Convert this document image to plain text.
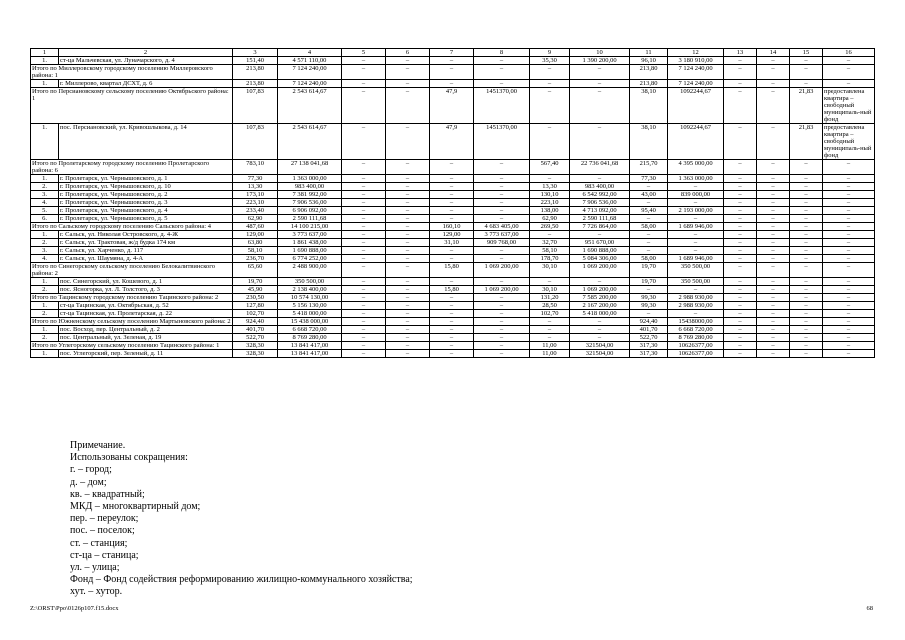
1	2	3	4	5	6	7	8	9	10	11	12	13	14	15	16
1.	ст-ца Мальчевская, ул. Луначарского, д. 4	151,40	4 571 110,00	–	–	–	–	35,30	1 390 200,00	96,10	3 180 910,00	–	–	–	–
Итого по Миллеровскому городскому поселению Миллеровского района: 1		213,80	7 124 240,00	–	–	–	–	–	–	213,80	7 124 240,00	–	–	–	–
1.	г. Миллерово, квартал ДСХТ, д. 6	213,80	7 124 240,00	–	–	–	–	–	–	213,80	7 124 240,00	–	–	–	–
Итого по Персиановскому сельскому поселению Октябрьского района: 1		107,83	2 543 614,67	–	–	47,9	1451370,00	–	–	38,10	1092244,67	–	–	21,83	предоставлена квартира – свободный муниципаль-ный фонд
1.	пос. Персиановский, ул. Кривошлыкова, д. 14	107,83	2 543 614,67	–	–	47,9	1451370,00	–	–	38,10	1092244,67	–	–	21,83	предоставлена квартира – свободный муниципаль-ный фонд
Итого по Пролетарскому городскому поселению Пролетарского района: 6		783,10	27 138 041,68	–	–	–	–	567,40	22 736 041,68	215,70	4 395 000,00	–	–	–	–
1.	г. Пролетарск, ул. Чернышовского, д. 1	77,30	1 363 000,00	–	–	–	–	–	–	77,30	1 363 000,00	–	–	–	–
2.	г. Пролетарск, ул. Чернышовского, д. 10	13,30	983 400,00	–	–	–	–	13,30	983 400,00	–	–	–	–	–	–
3.	г. Пролетарск, ул. Чернышовского, д. 2	173,10	7 381 992,00	–	–	–	–	130,10	6 542 992,00	43,00	839 000,00	–	–	–	–
4.	г. Пролетарск, ул. Чернышовского, д. 3	223,10	7 906 536,00	–	–	–	–	223,10	7 906 536,00	–	–	–	–	–	–
5.	г. Пролетарск, ул. Чернышовского, д. 4	233,40	6 906 092,00	–	–	–	–	138,00	4 713 092,00	95,40	2 193 000,00	–	–	–	–
6.	г. Пролетарск, ул. Чернышовского, д. 5	62,90	2 590 111,68	–	–	–	–	62,90	2 590 111,68	–	–	–	–	–	–
Итого по Сальскому городскому поселению Сальского района: 4		487,60	14 100 215,00	–	–	160,10	4 683 405,00	269,50	7 726 864,00	58,00	1 689 946,00	–	–	–	–
1.	г. Сальск, ул. Николая Островского, д. 4-Ж	129,00	3 773 637,00	–	–	129,00	3 773 637,00	–	–	–	–	–	–	–	–
2.	г. Сальск, ул. Трактовая, ж/д будка 174 км	63,80	1 861 438,00	–	–	31,10	909 768,00	32,70	951 670,00	–	–	–	–	–	–
3.	г. Сальск, ул. Харченко, д. 117	58,10	1 690 888,00	–	–	–	–	58,10	1 690 888,00	–	–	–	–	–	–
4.	г. Сальск, ул. Шаумяна, д. 4-А	236,70	6 774 252,00	–	–	–	–	178,70	5 084 306,00	58,00	1 689 946,00	–	–	–	–
Итого по Синегорскому сельскому поселению Белокалитвинского района: 2		65,60	2 488 900,00	–	–	15,80	1 069 200,00	30,10	1 069 200,00	19,70	350 500,00	–	–	–	–
1.	пос. Синегорский, ул. Кошевого, д. 1	19,70	350 500,00	–	–	–	–	–	–	19,70	350 500,00	–	–	–	–
2.	пос. Ясногорка, ул. Л. Толстого, д. 3	45,90	2 138 400,00	–	–	15,80	1 069 200,00	30,10	1 069 200,00	–	–	–	–	–	–
Итого по Тацинскому городскому поселению Тацинского района: 2		230,50	10 574 130,00	–	–	–	–	131,20	7 585 200,00	99,30	2 988 930,00	–	–	–	–
1.	ст-ца Тацинская, ул. Октябрьская, д. 52	127,80	5 156 130,00	–	–	–	–	28,50	2 167 200,00	99,30	2 988 930,00	–	–	–	–
2.	ст-ца Тацинская, ул. Пролетарская, д. 22	102,70	5 418 000,00	–	–	–	–	102,70	5 418 000,00	–	–	–	–	–	–
Итого по Южненскому сельскому поселению Мартыновского района: 2		924,40	15 438 000,00	–	–	–	–	–	–	924,40	15438000,00	–	–	–	–
1.	пос. Восход, пер. Центральный, д. 2	401,70	6 668 720,00	–	–	–	–	–	–	401,70	6 668 720,00	–	–	–	–
2.	пос. Центральный, ул. Зеленая, д. 19	522,70	8 769 280,00	–	–	–	–	–	–	522,70	8 769 280,00	–	–	–	–
Итого по Углегорскому сельскому поселению Тацинского района: 1		328,30	13 841 417,00	–	–	–	–	11,00	321504,00	317,30	10626377,00	–	–	–	–
1.	пос. Углегорский, пер. Зеленый, д. 11	328,30	13 841 417,00	–	–	–	–	11,00	321504,00	317,30	10626377,00	–	–	–	–
Примечание.
Использованы сокращения:
г. – город;
д. – дом;
кв. – квадратный;
МКД – многоквартирный дом;
пер. – переулок;
пос. – поселок;
ст. – станция;
ст-ца – станица;
ул. – улица;
Фонд – Фонд содействия реформированию жилищно-коммунального хозяйства;
хут. – хутор.
Z:\ORST\Ppo\0126p107.f15.docx	68
